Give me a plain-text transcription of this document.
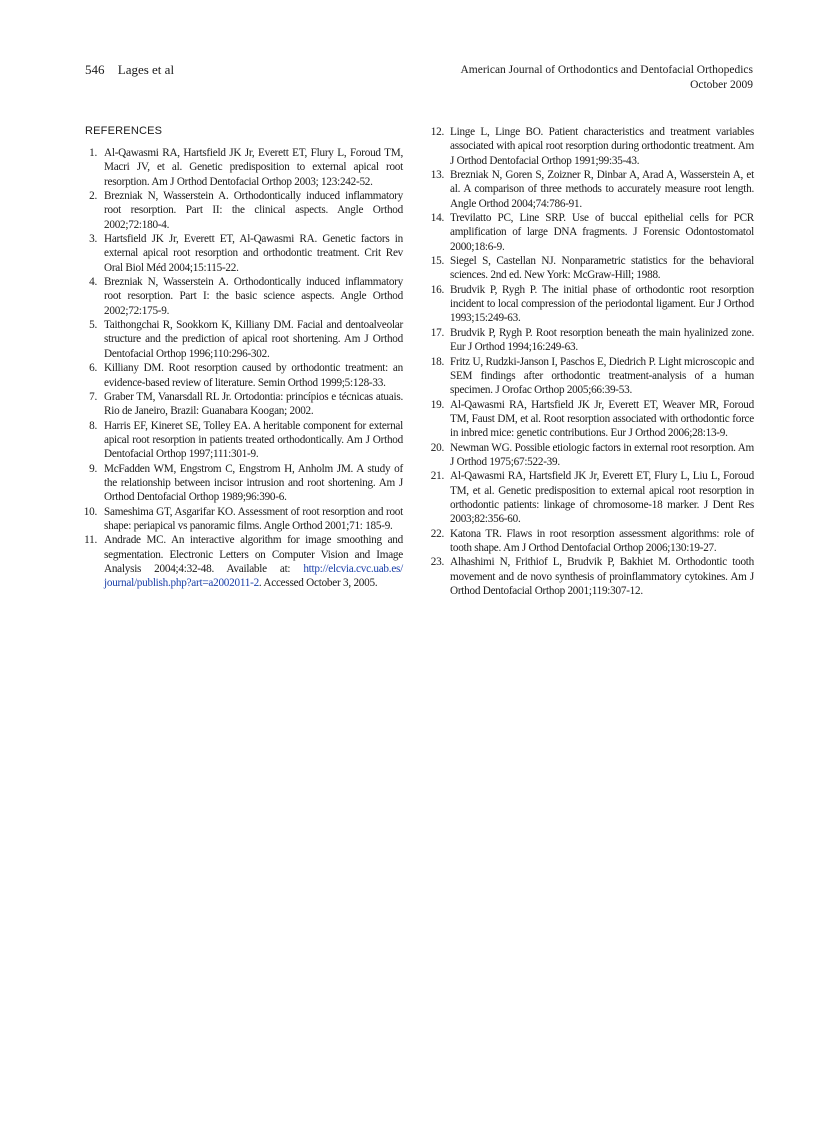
546 Lages et al	American Journal of Orthodontics and Dentofacial Orthopedics
October 2009
REFERENCES
1. Al-Qawasmi RA, Hartsfield JK Jr, Everett ET, Flury L, Foroud TM, Macri JV, et al. Genetic predisposition to external apical root resorption. Am J Orthod Dentofacial Orthop 2003; 123:242-52.
2. Brezniak N, Wasserstein A. Orthodontically induced inflammatory root resorption. Part II: the clinical aspects. Angle Orthod 2002;72:180-4.
3. Hartsfield JK Jr, Everett ET, Al-Qawasmi RA. Genetic factors in external apical root resorption and orthodontic treatment. Crit Rev Oral Biol Méd 2004;15:115-22.
4. Brezniak N, Wasserstein A. Orthodontically induced inflammatory root resorption. Part I: the basic science aspects. Angle Orthod 2002;72:175-9.
5. Taithongchai R, Sookkorn K, Killiany DM. Facial and dentoalveolar structure and the prediction of apical root shortening. Am J Orthod Dentofacial Orthop 1996;110:296-302.
6. Killiany DM. Root resorption caused by orthodontic treatment: an evidence-based review of literature. Semin Orthod 1999;5:128-33.
7. Graber TM, Vanarsdall RL Jr. Ortodontia: princípios e técnicas atuais. Rio de Janeiro, Brazil: Guanabara Koogan; 2002.
8. Harris EF, Kineret SE, Tolley EA. A heritable component for external apical root resorption in patients treated orthodontically. Am J Orthod Dentofacial Orthop 1997;111:301-9.
9. McFadden WM, Engstrom C, Engstrom H, Anholm JM. A study of the relationship between incisor intrusion and root shortening. Am J Orthod Dentofacial Orthop 1989;96:390-6.
10. Sameshima GT, Asgarifar KO. Assessment of root resorption and root shape: periapical vs panoramic films. Angle Orthod 2001;71: 185-9.
11. Andrade MC. An interactive algorithm for image smoothing and segmentation. Electronic Letters on Computer Vision and Image Analysis 2004;4:32-48. Available at: http://elcvia.cvc.uab.es/journal/publish.php?art=a2002011-2. Accessed October 3, 2005.
12. Linge L, Linge BO. Patient characteristics and treatment variables associated with apical root resorption during orthodontic treatment. Am J Orthod Dentofacial Orthop 1991;99:35-43.
13. Brezniak N, Goren S, Zoizner R, Dinbar A, Arad A, Wasserstein A, et al. A comparison of three methods to accurately measure root length. Angle Orthod 2004;74:786-91.
14. Trevilatto PC, Line SRP. Use of buccal epithelial cells for PCR amplification of large DNA fragments. J Forensic Odontostomatol 2000;18:6-9.
15. Siegel S, Castellan NJ. Nonparametric statistics for the behavioral sciences. 2nd ed. New York: McGraw-Hill; 1988.
16. Brudvik P, Rygh P. The initial phase of orthodontic root resorption incident to local compression of the periodontal ligament. Eur J Orthod 1993;15:249-63.
17. Brudvik P, Rygh P. Root resorption beneath the main hyalinized zone. Eur J Orthod 1994;16:249-63.
18. Fritz U, Rudzki-Janson I, Paschos E, Diedrich P. Light microscopic and SEM findings after orthodontic treatment-analysis of a human specimen. J Orofac Orthop 2005;66:39-53.
19. Al-Qawasmi RA, Hartsfield JK Jr, Everett ET, Weaver MR, Foroud TM, Faust DM, et al. Root resorption associated with orthodontic force in inbred mice: genetic contributions. Eur J Orthod 2006;28:13-9.
20. Newman WG. Possible etiologic factors in external root resorption. Am J Orthod 1975;67:522-39.
21. Al-Qawasmi RA, Hartsfield JK Jr, Everett ET, Flury L, Liu L, Foroud TM, et al. Genetic predisposition to external apical root resorption in orthodontic patients: linkage of chromosome-18 marker. J Dent Res 2003;82:356-60.
22. Katona TR. Flaws in root resorption assessment algorithms: role of tooth shape. Am J Orthod Dentofacial Orthop 2006;130:19-27.
23. Alhashimi N, Frithiof L, Brudvik P, Bakhiet M. Orthodontic tooth movement and de novo synthesis of proinflammatory cytokines. Am J Orthod Dentofacial Orthop 2001;119:307-12.
